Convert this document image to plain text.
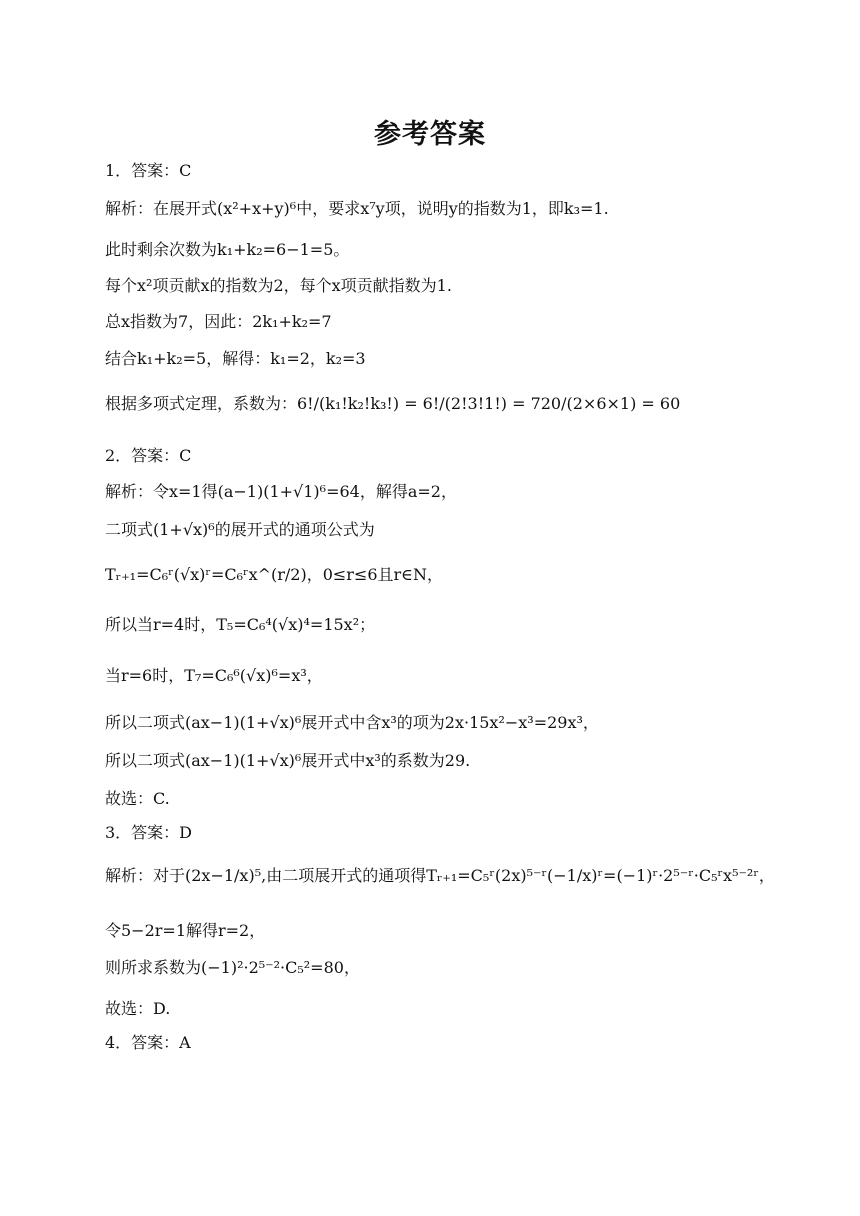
参考答案
1．答案：C
解析：在展开式(x²+x+y)⁶中，要求x⁷y项，说明y的指数为1，即k₃=1.
此时剩余次数为k₁+k₂=6−1=5。
每个x²项贡献x的指数为2，每个x项贡献指数为1.
总x指数为7，因此：2k₁+k₂=7
结合k₁+k₂=5，解得：k₁=2，k₂=3
根据多项式定理，系数为：6!/(k₁!k₂!k₃!) = 6!/(2!3!1!) = 720/(2×6×1) = 60
2．答案：C
解析：令x=1得(a−1)(1+√1)⁶=64，解得a=2，
二项式(1+√x)⁶的展开式的通项公式为
Tᵣ₊₁=C₆ʳ(√x)ʳ=C₆ʳx^(r/2)，0≤r≤6且r∈N，
所以当r=4时，T₅=C₆⁴(√x)⁴=15x²；
当r=6时，T₇=C₆⁶(√x)⁶=x³，
所以二项式(ax−1)(1+√x)⁶展开式中含x³的项为2x·15x²−x³=29x³，
所以二项式(ax−1)(1+√x)⁶展开式中x³的系数为29.
故选：C.
3．答案：D
解析：对于(2x−1/x)⁵,由二项展开式的通项得Tᵣ₊₁=C₅ʳ(2x)⁵⁻ʳ(−1/x)ʳ=(−1)ʳ·2⁵⁻ʳ·C₅ʳx⁵⁻²ʳ，
令5−2r=1解得r=2，
则所求系数为(−1)²·2⁵⁻²·C₅²=80，
故选：D.
4．答案：A
